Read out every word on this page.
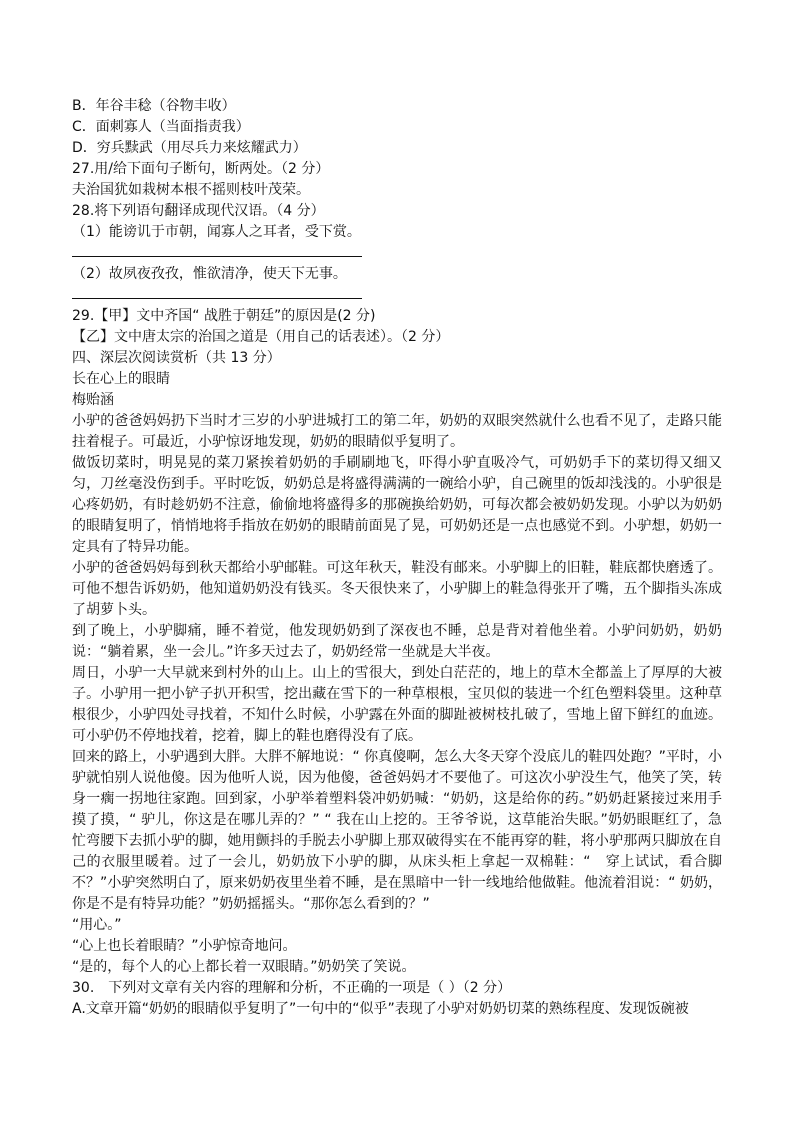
B．年谷丰稔（谷物丰收）
C．面刺寡人（当面指责我）
D．穷兵黩武（用尽兵力来炫耀武力）
27.用/给下面句子断句，断两处。（2 分）
夫治国犹如栽树本根不摇则枝叶茂荣。
28.将下列语句翻译成现代汉语。（4 分）
（1）能谤讥于市朝，闻寡人之耳者，受下赏。
（2）故夙夜孜孜，惟欲清净，使天下无事。
29.【甲】文中齐国“ 战胜于朝廷”的原因是(2 分)
【乙】文中唐太宗的治国之道是（用自己的话表述）。（2 分）
四、深层次阅读赏析（共 13 分）
长在心上的眼睛
梅贻涵

小驴的爸爸妈妈扔下当时才三岁的小驴进城打工的第二年，奶奶的双眼突然就什么也看不见了，走路只能拄着棍子。可最近，小驴惊讶地发现，奶奶的眼睛似乎复明了。

做饭切菜时，明晃晃的菜刀紧挨着奶奶的手刷刷地飞，吓得小驴直吸冷气，可奶奶手下的菜切得又细又匀，刀丝毫没伤到手。平时吃饭，奶奶总是将盛得满满的一碗给小驴，自己碗里的饭却浅浅的。小驴很是心疼奶奶，有时趁奶奶不注意，偷偷地将盛得多的那碗换给奶奶，可每次都会被奶奶发现。小驴以为奶奶的眼睛复明了，悄悄地将手指放在奶奶的眼睛前面晃了晃，可奶奶还是一点也感觉不到。小驴想，奶奶一定具有了特异功能。

小驴的爸爸妈妈每到秋天都给小驴邮鞋。可这年秋天，鞋没有邮来。小驴脚上的旧鞋，鞋底都快磨透了。可他不想告诉奶奶，他知道奶奶没有钱买。冬天很快来了，小驴脚上的鞋急得张开了嘴，五个脚指头冻成了胡萝卜头。

到了晚上，小驴脚痛，睡不着觉，他发现奶奶到了深夜也不睡，总是背对着他坐着。小驴问奶奶，奶奶说：“躺着累，坐一会儿。”许多天过去了，奶奶经常一坐就是大半夜。

周日，小驴一大早就来到村外的山上。山上的雪很大，到处白茫茫的，地上的草木全都盖上了厚厚的大被子。小驴用一把小铲子扒开积雪，挖出藏在雪下的一种草根根，宝贝似的装进一个红色塑料袋里。这种草根很少，小驴四处寻找着，不知什么时候，小驴露在外面的脚趾被树枝扎破了，雪地上留下鲜红的血迹。可小驴仍不停地找着，挖着，脚上的鞋也磨得没有了底。

回来的路上，小驴遇到大胖。大胖不解地说：“ 你真傻啊，怎么大冬天穿个没底儿的鞋四处跑？”平时，小驴就怕别人说他傻。因为他听人说，因为他傻，爸爸妈妈才不要他了。可这次小驴没生气，他笑了笑，转身一瘸一拐地往家跑。回到家，小驴举着塑料袋冲奶奶喊：“奶奶，这是给你的药。”奶奶赶紧接过来用手摸了摸，“ 驴儿，你这是在哪儿弄的？” “ 我在山上挖的。王爷爷说，这草能治失眠。”奶奶眼眶红了，急忙弯腰下去抓小驴的脚，她用颤抖的手脱去小驴脚上那双破得实在不能再穿的鞋，将小驴那两只脚放在自己的衣服里暖着。过了一会儿，奶奶放下小驴的脚，从床头柜上拿起一双棉鞋：“　穿上试试，看合脚不？”小驴突然明白了，原来奶奶夜里坐着不睡，是在黑暗中一针一线地给他做鞋。他流着泪说：“ 奶奶，你是不是有特异功能？”奶奶摇摇头。“那你怎么看到的？”

“用心。”

“心上也长着眼睛？”小驴惊奇地问。

“是的，每个人的心上都长着一双眼睛。”奶奶笑了笑说。

30.　下列对文章有关内容的理解和分析，不正确的一项是（ ）（2 分）
A.文章开篇“奶奶的眼睛似乎复明了”一句中的“似乎”表现了小驴对奶奶切菜的熟练程度、发现饭碗被
